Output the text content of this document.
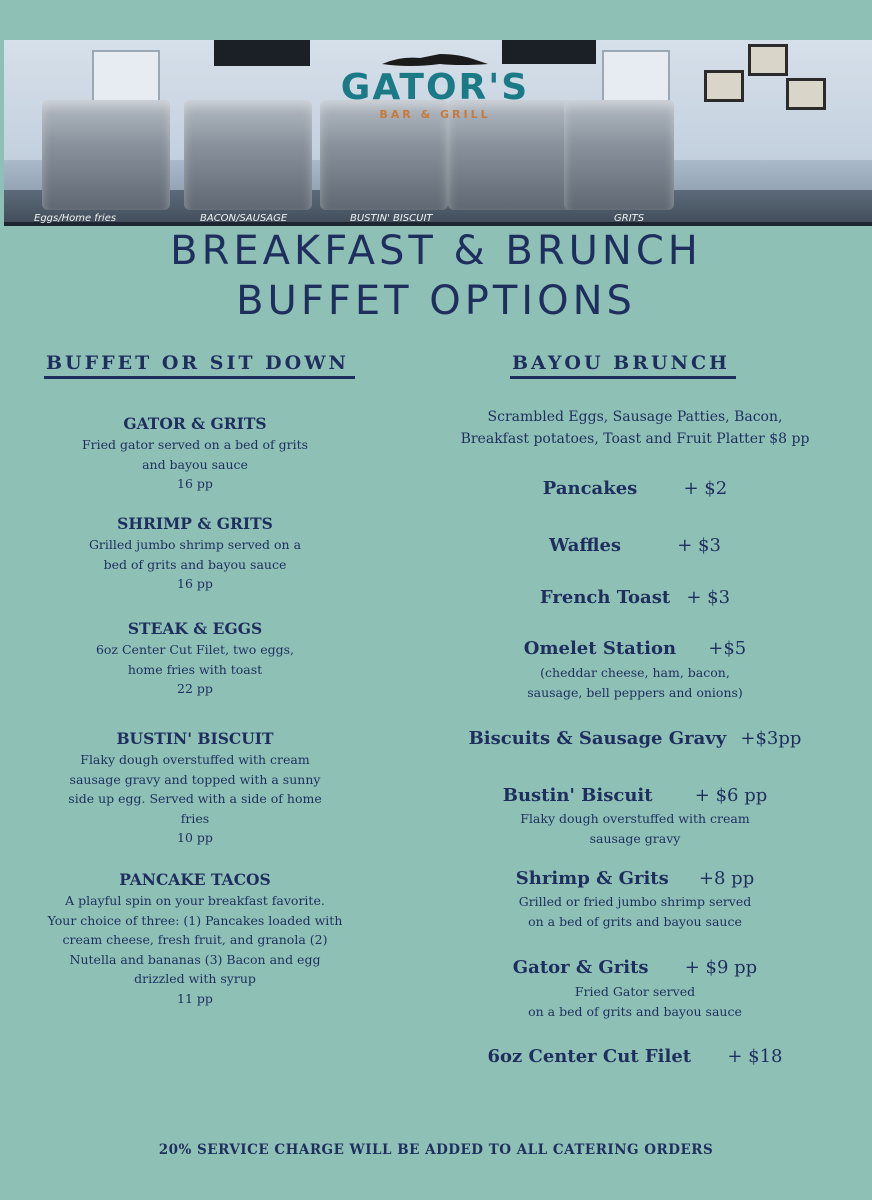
Eggs/Home fries	BACON/SAUSAGE	BUSTIN' BISCUIT	GRITS
GATOR'S
BAR & GRILL
BREAKFAST & BRUNCH
BUFFET OPTIONS
BUFFET OR SIT DOWN
GATOR & GRITS
Fried gator served on a bed of grits
and bayou sauce
16 pp
SHRIMP & GRITS
Grilled jumbo shrimp served on a
bed of grits and bayou sauce
16 pp
STEAK & EGGS
6oz Center Cut Filet, two eggs,
home fries with toast
22 pp
BUSTIN' BISCUIT
Flaky dough overstuffed with cream
sausage gravy and topped with a sunny
side up egg. Served with a side of home
fries
10 pp
PANCAKE TACOS
A playful spin on your breakfast favorite.
Your choice of three: (1) Pancakes loaded with
cream cheese, fresh fruit, and granola (2)
Nutella and bananas (3) Bacon and egg
drizzled with syrup
11 pp
BAYOU BRUNCH
Scrambled Eggs, Sausage Patties, Bacon,
Breakfast potatoes, Toast and Fruit Platter $8 pp
Pancakes	+ $2
Waffles	+ $3
French Toast + $3
Omelet Station +$5
(cheddar cheese, ham, bacon,
sausage, bell peppers and onions)
Biscuits & Sausage Gravy +$3pp
Bustin' Biscuit + $6 pp
Flaky dough overstuffed with cream
sausage gravy
Shrimp & Grits +8 pp
Grilled or fried jumbo shrimp served
on a bed of grits and bayou sauce
Gator & Grits + $9 pp
Fried Gator served
on a bed of grits and bayou sauce
6oz Center Cut Filet + $18
20% SERVICE CHARGE WILL BE ADDED TO ALL CATERING ORDERS
